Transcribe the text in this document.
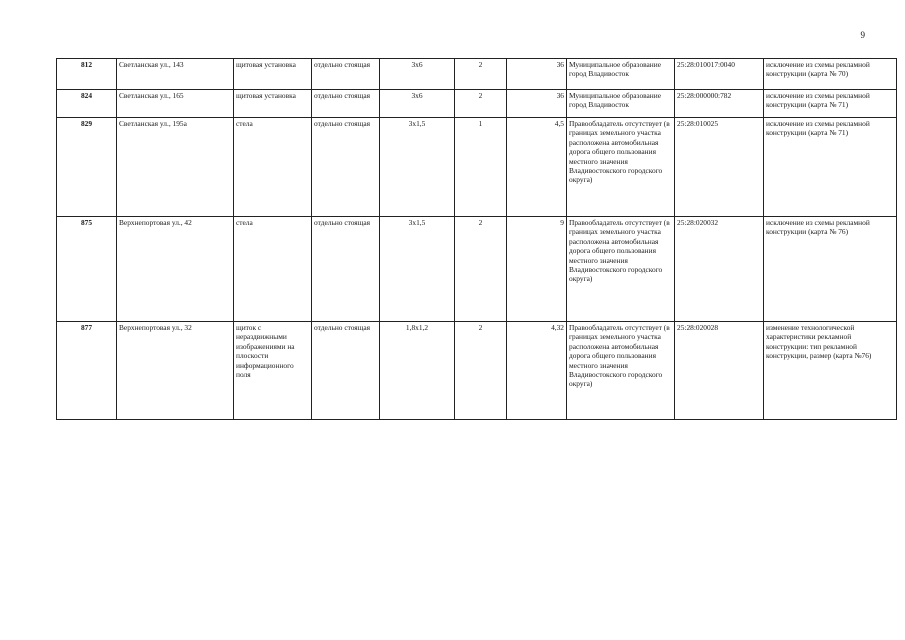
9
812	Светланская ул., 143	щитовая установка	отдельно стоящая	3х6	2	36	Муниципальное образование город Владивосток	25:28:010017:0040	исключение из схемы рекламной конструкции (карта № 70)
824	Светланская ул., 165	щитовая установка	отдельно стоящая	3х6	2	36	Муниципальное образование город Владивосток	25:28:000000:782	исключение из схемы рекламной конструкции (карта № 71)
829	Светланская ул., 195а	стела	отдельно стоящая	3х1,5	1	4,5	Правообладатель отсутствует (в границах земельного участка расположена автомобильная дорога общего пользования местного значения Владивостокского городского округа)	25:28:010025	исключение из схемы рекламной конструкции (карта № 71)
875	Верхнепортовая ул., 42	стела	отдельно стоящая	3х1,5	2	9	Правообладатель отсутствует (в границах земельного участка расположена автомобильная дорога общего пользования местного значения Владивостокского городского округа)	25:28:020032	исключение из схемы рекламной конструкции (карта № 76)
877	Верхнепортовая ул., 32	щиток с нераздвижными изображениями на плоскости информационного поля	отдельно стоящая	1,8х1,2	2	4,32	Правообладатель отсутствует (в границах земельного участка расположена автомобильная дорога общего пользования местного значения Владивостокского городского округа)	25:28:020028	изменение технологической характеристики рекламной конструкции: тип рекламной конструкции, размер (карта №76)
